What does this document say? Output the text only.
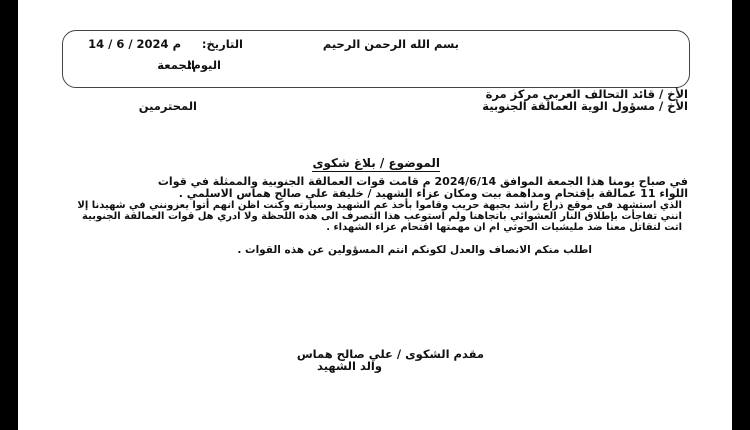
بسم الله الرحمن الرحيم
التاريخ:
14 / 6 / 2024 م
اليوم:
الجمعة
الأخ / قائد التحالف العربي مركز مرة
الأخ / مسؤول الوية العمالقة الجنوبية
المحترمين
الموضوع / بلاغ شكوى
في صباح يومنا هذا الجمعة الموافق 2024/6/14 م قامت قوات العمالقة الجنوبية والممثلة في قوات اللواء 11 عمالقة بإقتحام ومداهمة بيت ومكان عزاء الشهيد / خليفة علي صالح هماس الاسلمي .
الذي استشهد في موقع ذراع راشد بجبهة حريب وقاموا بأخذ عم الشهيد وسيارته وكنت اظن انهم أتوا يعزونني في شهيدنا إلا انني تفاجأت بإطلاق النار العشوائي باتجاهنا ولم استوعب هذا التصرف الى هذه اللحظة ولا ادري هل قوات العمالقة الجنوبية اتت لتقاتل معنا ضد مليشيات الحوثي ام ان مهمتها اقتحام عزاء الشهداء .
اطلب منكم الانصاف والعدل لكونكم انتم المسؤولين عن هذه القوات .
مقدم الشكوى / علي صالح هماس
والد الشهيد
